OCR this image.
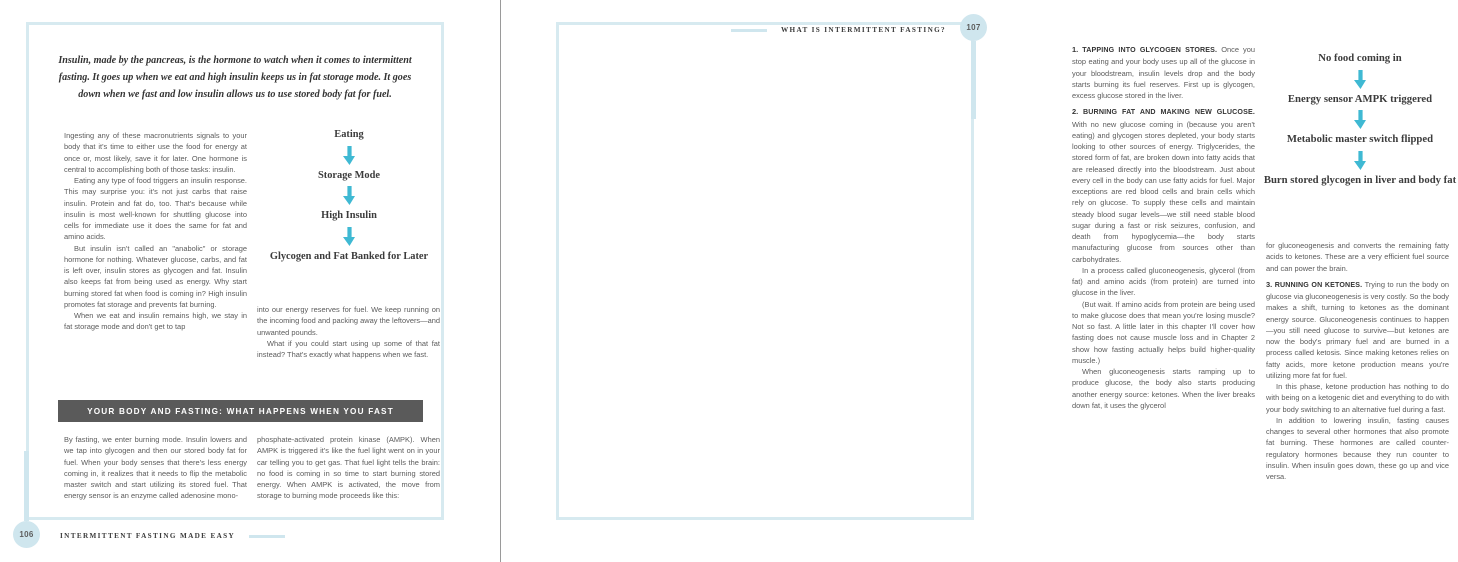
Insulin, made by the pancreas, is the hormone to watch when it comes to intermittent fasting. It goes up when we eat and high insulin keeps us in fat storage mode. It goes down when we fast and low insulin allows us to use stored body fat for fuel.

Ingesting any of these macronutrients signals to your body that it's time to either use the food for energy at once or, most likely, save it for later. One hormone is central to accomplishing both of those tasks: insulin.

Eating any type of food triggers an insulin response. This may surprise you: it's not just carbs that raise insulin. Protein and fat do, too. That's because while insulin is most well-known for shuttling glucose into cells for immediate use it does the same for fat and amino acids.

But insulin isn't called an "anabolic" or storage hormone for nothing. Whatever glucose, carbs, and fat is left over, insulin stores as glycogen and fat. Insulin also keeps fat from being used as energy. Why start burning stored fat when food is coming in? High insulin promotes fat storage and prevents fat burning.

When we eat and insulin remains high, we stay in fat storage mode and don't get to tap

Eating
Storage Mode
High Insulin
Glycogen and Fat Banked for Later

into our energy reserves for fuel. We keep running on the incoming food and packing away the leftovers—and unwanted pounds.

What if you could start using up some of that fat instead? That's exactly what happens when we fast.

YOUR BODY AND FASTING: WHAT HAPPENS WHEN YOU FAST

By fasting, we enter burning mode. Insulin lowers and we tap into glycogen and then our stored body fat for fuel. When your body senses that there's less energy coming in, it realizes that it needs to flip the metabolic master switch and start utilizing its stored fuel. That energy sensor is an enzyme called adenosine mono-

phosphate-activated protein kinase (AMPK). When AMPK is triggered it's like the fuel light went on in your car telling you to get gas. That fuel light tells the brain: no food is coming in so time to start burning stored energy. When AMPK is activated, the move from storage to burning mode proceeds like this:

INTERMITTENT FASTING MADE EASY
106
WHAT IS INTERMITTENT FASTING?

1. TAPPING INTO GLYCOGEN STORES. Once you stop eating and your body uses up all of the glucose in your bloodstream, insulin levels drop and the body starts burning its fuel reserves. First up is glycogen, excess glucose stored in the liver.

2. BURNING FAT AND MAKING NEW GLUCOSE. With no new glucose coming in (because you aren't eating) and glycogen stores depleted, your body starts looking to other sources of energy. Triglycerides, the stored form of fat, are broken down into fatty acids that are released directly into the bloodstream. Just about every cell in the body can use fatty acids for fuel. Major exceptions are red blood cells and brain cells which rely on glucose. To supply these cells and maintain steady blood sugar levels—we still need stable blood sugar during a fast or risk seizures, confusion, and death from hypoglycemia—the body starts manufacturing glucose from sources other than carbohydrates.

In a process called gluconeogenesis, glycerol (from fat) and amino acids (from protein) are turned into glucose in the liver.

(But wait. If amino acids from protein are being used to make glucose does that mean you're losing muscle? Not so fast. A little later in this chapter I'll cover how fasting does not cause muscle loss and in Chapter 2 show how fasting actually helps build higher-quality muscle.)

When gluconeogenesis starts ramping up to produce glucose, the body also starts producing another energy source: ketones. When the liver breaks down fat, it uses the glycerol

No food coming in
Energy sensor AMPK triggered
Metabolic master switch flipped
Burn stored glycogen in liver and body fat

for gluconeogenesis and converts the remaining fatty acids to ketones. These are a very efficient fuel source and can power the brain.

3. RUNNING ON KETONES. Trying to run the body on glucose via gluconeogenesis is very costly. So the body makes a shift, turning to ketones as the dominant energy source. Gluconeogenesis continues to happen—you still need glucose to survive—but ketones are now the body's primary fuel and are burned in a process called ketosis. Since making ketones relies on fatty acids, more ketone production means you're utilizing more fat for fuel.

In this phase, ketone production has nothing to do with being on a ketogenic diet and everything to do with your body switching to an alternative fuel during a fast.

In addition to lowering insulin, fasting causes changes to several other hormones that also promote fat burning. These hormones are called counter-regulatory hormones because they run counter to insulin. When insulin goes down, these go up and vice versa.

107
